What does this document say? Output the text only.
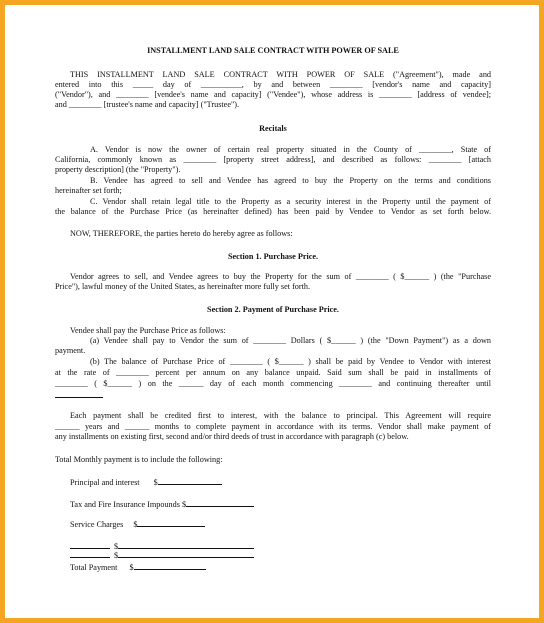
INSTALLMENT LAND SALE CONTRACT WITH POWER OF SALE
THIS INSTALLMENT LAND SALE CONTRACT WITH POWER OF SALE ("Agreement"), made and
entered into this _____ day of __________, by and between ________ [vendor's name and capacity]
("Vendor"), and ________ [vendee's name and capacity] ("Vendee"), whose address is ________ [address of vendee];
and ________ [trustee's name and capacity] ("Trustee").
Recitals
A. Vendor is now the owner of certain real property situated in the County of ________, State of
California, commonly known as ________ [property street address], and described as follows: ________ [attach
property description] (the "Property").
B. Vendee has agreed to sell and Vendee has agreed to buy the Property on the terms and conditions
hereinafter set forth;
C. Vendor shall retain legal title to the Property as a security interest in the Property until the payment of
the balance of the Purchase Price (as hereinafter defined) has been paid by Vendee to Vendor as set forth below.
NOW, THEREFORE, the parties hereto do hereby agree as follows:
Section 1. Purchase Price.
Vendor agrees to sell, and Vendee agrees to buy the Property for the sum of ________ ( $______ ) (the "Purchase
Price"), lawful money of the United States, as hereinafter more fully set forth.
Section 2. Payment of Purchase Price.
Vendee shall pay the Purchase Price as follows:
(a) Vendee shall pay to Vendor the sum of ________ Dollars ( $______ ) (the "Down Payment") as a down
payment.
(b) The balance of Purchase Price of ________ ( $______ ) shall be paid by Vendee to Vendor with interest
at the rate of ________ percent per annum on any balance unpaid. Said sum shall be paid in installments of
________ ( $______ ) on the ______ day of each month commencing ________ and continuing thereafter until
Each payment shall be credited first to interest, with the balance to principal. This Agreement will require
______ years and ______ months to complete payment in accordance with its terms. Vendor shall make payment of
any installments on existing first, second and/or third deeds of trust in accordance with paragraph (c) below.
Total Monthly payment is to include the following:
Principal and interest $
Tax and Fire Insurance Impounds $
Service Charges $
$
$
Total Payment $
